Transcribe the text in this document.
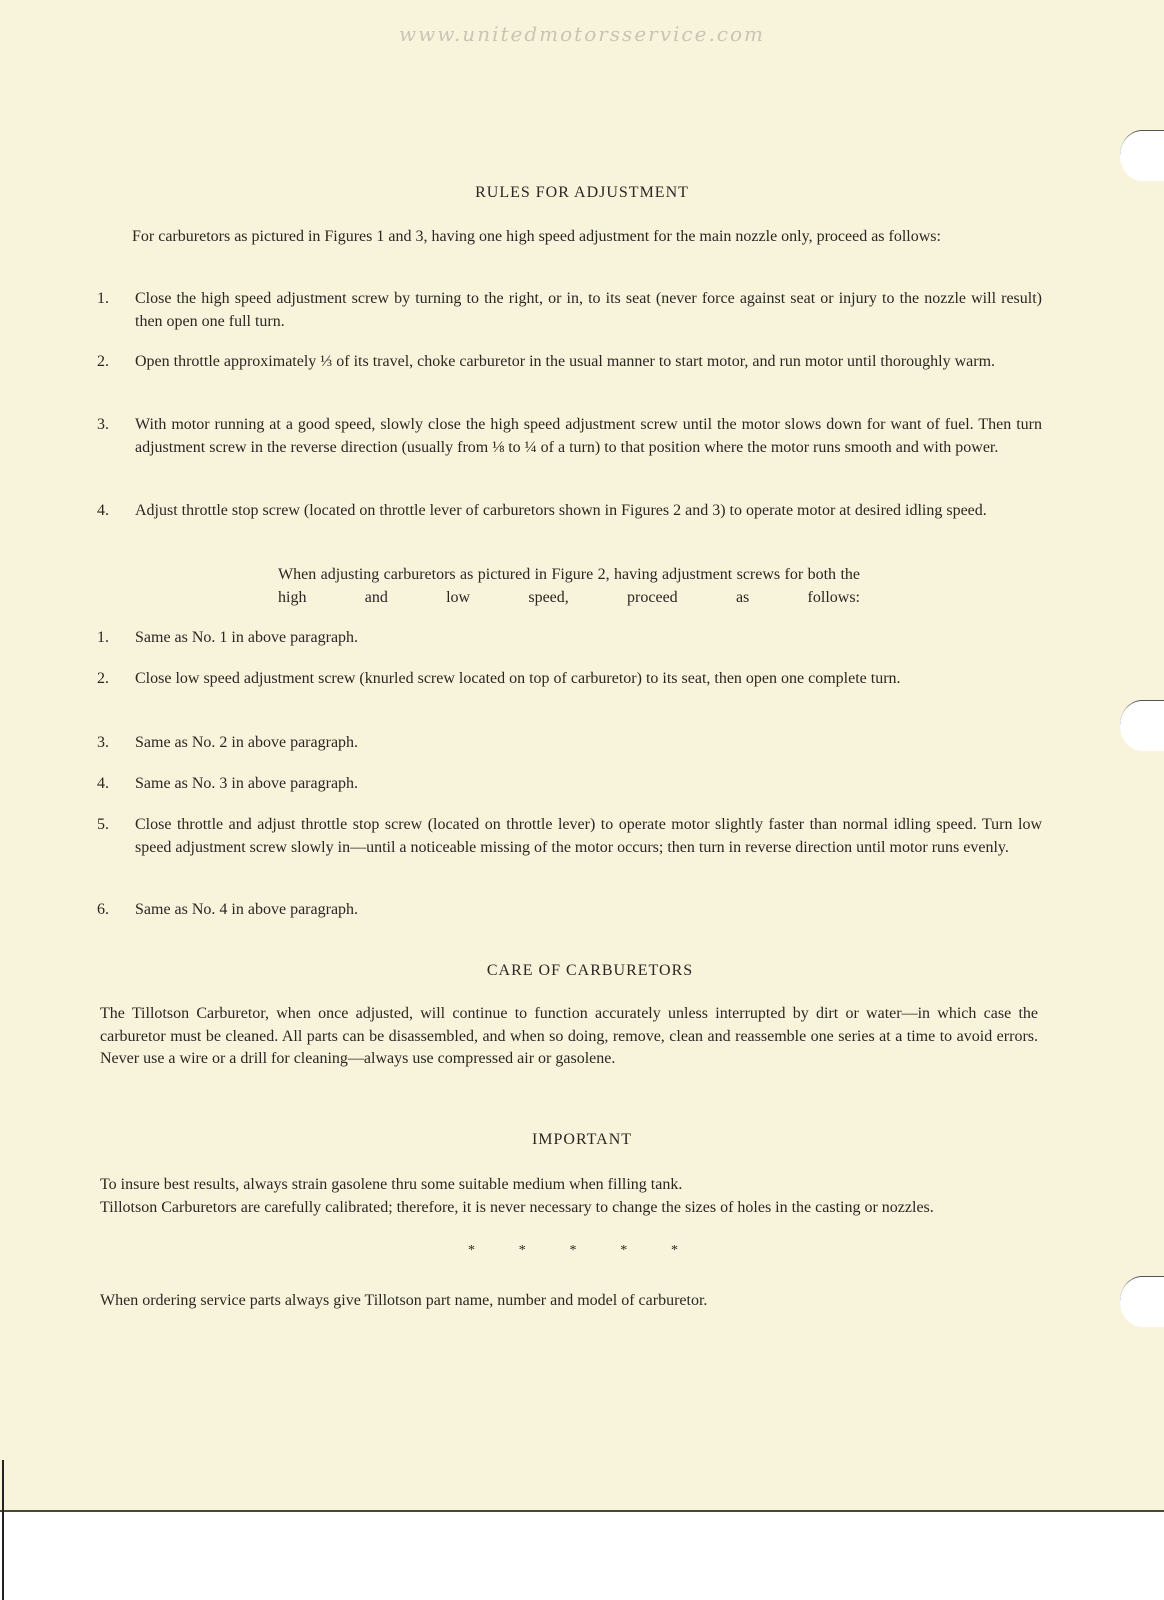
www.unitedmotorsservice.com
RULES FOR ADJUSTMENT
For carburetors as pictured in Figures 1 and 3, having one high speed adjustment for the main nozzle only, proceed as follows:
1. Close the high speed adjustment screw by turning to the right, or in, to its seat (never force against seat or injury to the nozzle will result) then open one full turn.
2. Open throttle approximately ⅓ of its travel, choke carburetor in the usual manner to start motor, and run motor until thoroughly warm.
3. With motor running at a good speed, slowly close the high speed adjustment screw until the motor slows down for want of fuel. Then turn adjustment screw in the reverse direction (usually from ⅛ to ¼ of a turn) to that position where the motor runs smooth and with power.
4. Adjust throttle stop screw (located on throttle lever of carburetors shown in Figures 2 and 3) to operate motor at desired idling speed.
When adjusting carburetors as pictured in Figure 2, having adjustment screws for both the high and low speed, proceed as follows:
1. Same as No. 1 in above paragraph.
2. Close low speed adjustment screw (knurled screw located on top of carburetor) to its seat, then open one complete turn.
3. Same as No. 2 in above paragraph.
4. Same as No. 3 in above paragraph.
5. Close throttle and adjust throttle stop screw (located on throttle lever) to operate motor slightly faster than normal idling speed. Turn low speed adjustment screw slowly in—until a noticeable missing of the motor occurs; then turn in reverse direction until motor runs evenly.
6. Same as No. 4 in above paragraph.
CARE OF CARBURETORS
The Tillotson Carburetor, when once adjusted, will continue to function accurately unless interrupted by dirt or water—in which case the carburetor must be cleaned. All parts can be disassembled, and when so doing, remove, clean and reassemble one series at a time to avoid errors. Never use a wire or a drill for cleaning—always use compressed air or gasolene.
IMPORTANT
To insure best results, always strain gasolene thru some suitable medium when filling tank.
Tillotson Carburetors are carefully calibrated; therefore, it is never necessary to change the sizes of holes in the casting or nozzles.
*	*	*	*	*
When ordering service parts always give Tillotson part name, number and model of carburetor.
